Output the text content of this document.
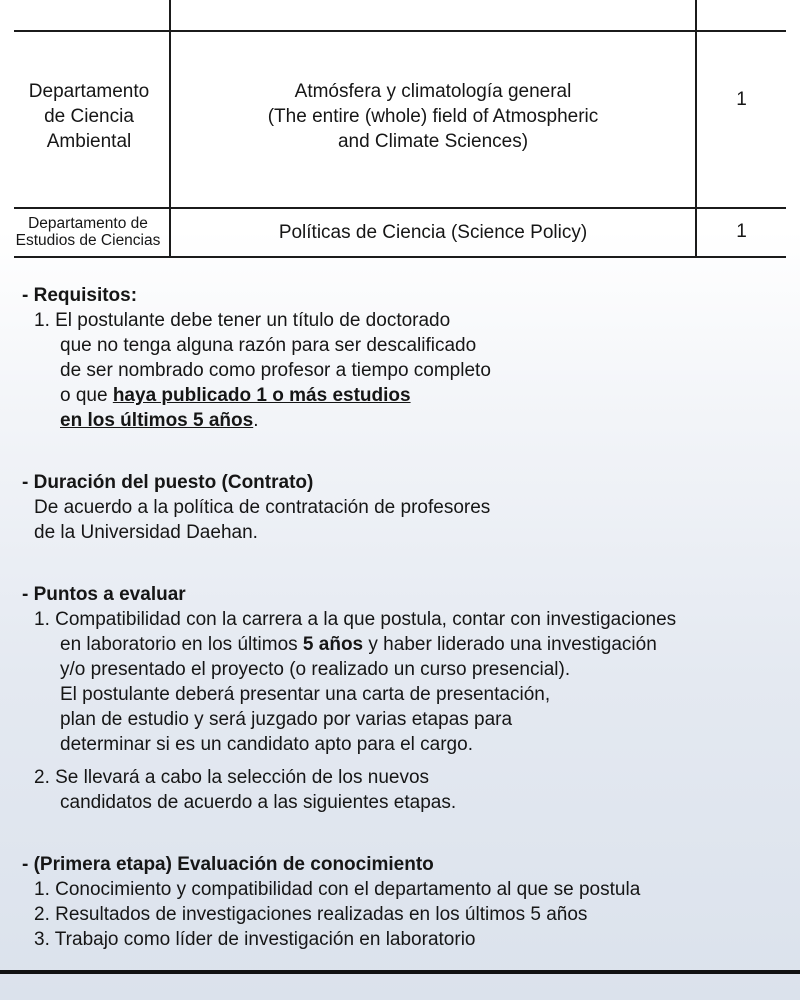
Departamento
de Ciencia
Ambiental
Atmósfera y climatología general
(The entire (whole) field of Atmospheric
and Climate Sciences)
1
Departamento de
Estudios de Ciencias	Políticas de Ciencia (Science Policy)	1
- Requisitos:
1. El postulante debe tener un título de doctorado
que no tenga alguna razón para ser descalificado
de ser nombrado como profesor a tiempo completo
o que haya publicado 1 o más estudios
en los últimos 5 años.
- Duración del puesto (Contrato)
De acuerdo a la política de contratación de profesores
de la Universidad Daehan.
- Puntos a evaluar
1. Compatibilidad con la carrera a la que postula, contar con investigaciones
en laboratorio en los últimos 5 años y haber liderado una investigación
y/o presentado el proyecto (o realizado un curso presencial).
El postulante deberá presentar una carta de presentación,
plan de estudio y será juzgado por varias etapas para
determinar si es un candidato apto para el cargo.
2. Se llevará a cabo la selección de los nuevos
candidatos de acuerdo a las siguientes etapas.
- (Primera etapa) Evaluación de conocimiento
1. Conocimiento y compatibilidad con el departamento al que se postula
2. Resultados de investigaciones realizadas en los últimos 5 años
3. Trabajo como líder de investigación en laboratorio
